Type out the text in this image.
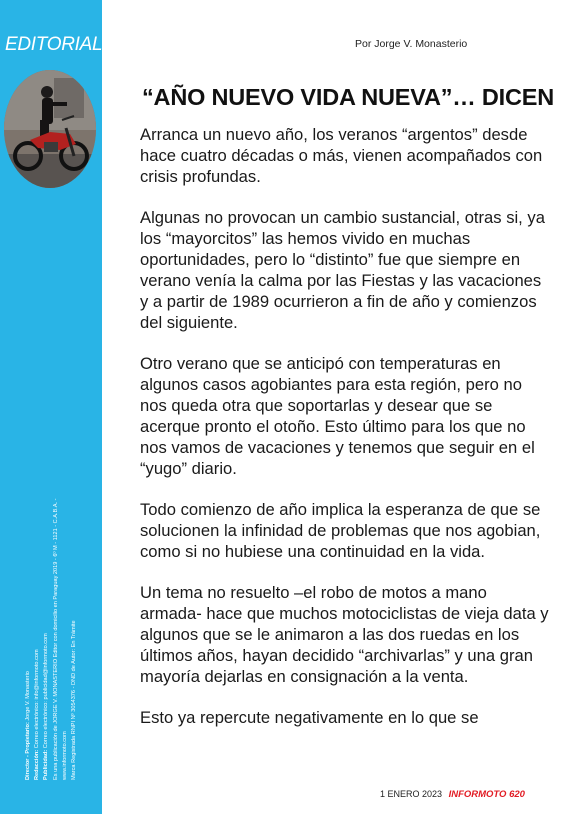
EDITORIAL
Director - Propietario: Jorge V. Monasterio
Redacción: Correo electrónico: info@informoto.com
Publicidad: Correo electrónico: publicidad@informoto.com Es una publicación de JORGE V. MONASTERIO Editor con domicilio en Paraguay 2019 - 6º M - 1121 - C.A.B.A. - www.informoto.com Marca Registrada RNPI Nº 3054376 - DND de Autor: En Trámite
Por Jorge V. Monasterio
“AÑO NUEVO VIDA NUEVA”… DICEN

Arranca un nuevo año, los veranos “argentos” desde hace cuatro décadas o más, vienen acompañados con crisis profundas.

Algunas no provocan un cambio sustancial, otras si, ya los “mayorcitos” las hemos vivido en muchas oportunidades, pero lo “distinto” fue que siempre en verano venía la calma por las Fiestas y las vacaciones y a partir de 1989 ocurrieron a fin de año y comienzos del siguiente.

Otro verano que se anticipó con temperaturas en algunos casos agobiantes para esta región, pero no nos queda otra que soportarlas y desear que se acerque pronto el otoño. Esto último para los que no nos vamos de vacaciones y tenemos que seguir en el “yugo” diario.

Todo comienzo de año implica la esperanza de que se solucionen la infinidad de problemas que nos agobian, como si no hubiese una continuidad en la vida.

Un tema no resuelto –el robo de motos a mano armada- hace que muchos motociclistas de vieja data y algunos que se le animaron a las dos ruedas en los últimos años, hayan decidido “archivarlas” y una gran mayoría dejarlas en consignación a la venta.

Esto ya repercute negativamente en lo que se

1 ENERO 2023 INFORMOTO 620
